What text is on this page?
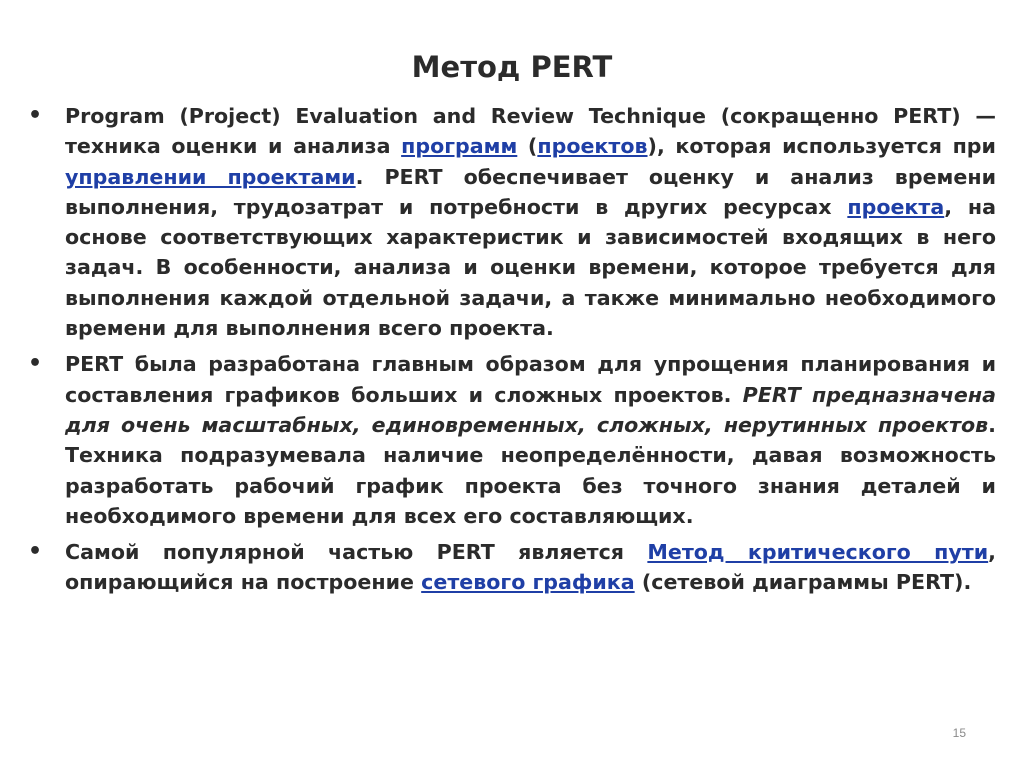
Метод PERT
• Program (Project) Evaluation and Review Technique (сокращенно PERT) — техника оценки и анализа программ (проектов), которая используется при управлении проектами. PERT обеспечивает оценку и анализ времени выполнения, трудозатрат и потребности в других ресурсах проекта, на основе соответствующих характеристик и зависимостей входящих в него задач. В особенности, анализа и оценки времени, которое требуется для выполнения каждой отдельной задачи, а также минимально необходимого времени для выполнения всего проекта.
• PERT была разработана главным образом для упрощения планирования и составления графиков больших и сложных проектов. PERT предназначена для очень масштабных, единовременных, сложных, нерутинных проектов. Техника подразумевала наличие неопределённости, давая возможность разработать рабочий график проекта без точного знания деталей и необходимого времени для всех его составляющих.
• Самой популярной частью PERT является Метод критического пути, опирающийся на построение сетевого графика (сетевой диаграммы PERT).
15
